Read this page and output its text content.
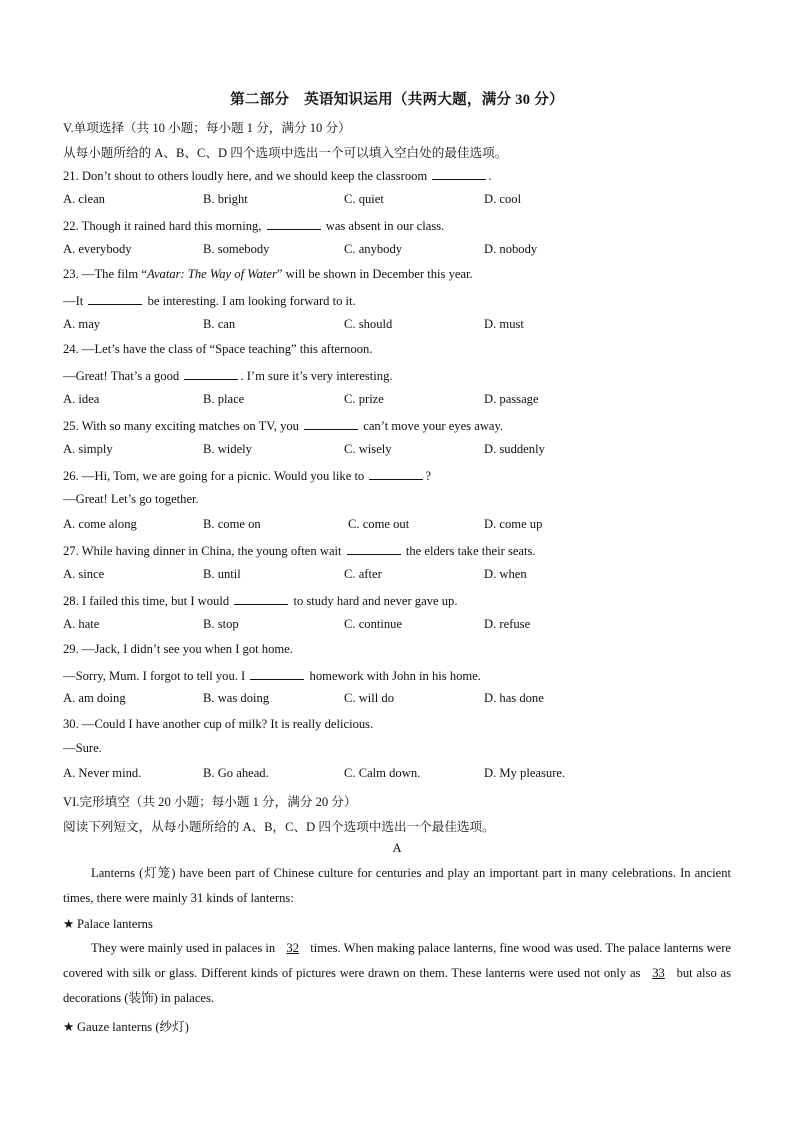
第二部分　英语知识运用（共两大题，满分 30 分）
V.单项选择（共 10 小题；每小题 1 分，满分 10 分）
从每小题所给的 A、B、C、D 四个选项中选出一个可以填入空白处的最佳选项。
21. Don’t shout to others loudly here, and we should keep the classroom	.
A. clean	B. bright	C. quiet	D. cool
22. Though it rained hard this morning,	was absent in our class.
A. everybody	B. somebody	C. anybody	D. nobody
23. —The film “Avatar: The Way of Water” will be shown in December this year.
—It	be interesting. I am looking forward to it.
A. may	B. can	C. should	D. must
24. —Let’s have the class of “Space teaching” this afternoon.
—Great! That’s a good	. I’m sure it’s very interesting.
A. idea	B. place	C. prize	D. passage
25. With so many exciting matches on TV, you	can’t move your eyes away.
A. simply	B. widely	C. wisely	D. suddenly
26. —Hi, Tom, we are going for a picnic. Would you like to	?
—Great! Let’s go together.
A. come along	B. come on	C. come out	D. come up
27. While having dinner in China, the young often wait	the elders take their seats.
A. since	B. until	C. after	D. when
28. I failed this time, but I would	to study hard and never gave up.
A. hate	B. stop	C. continue	D. refuse
29. —Jack, I didn’t see you when I got home.
—Sorry, Mum. I forgot to tell you. I	homework with John in his home.
A. am doing	B. was doing	C. will do	D. has done
30. —Could I have another cup of milk? It is really delicious.
—Sure.
A. Never mind.	B. Go ahead.	C. Calm down.	D. My pleasure.
VI.完形填空（共 20 小题；每小题 1 分，满分 20 分）
阅读下列短文，从每小题所给的 A、B，C、D 四个选项中选出一个最佳选项。
A
Lanterns (灯笼) have been part of Chinese culture for centuries and play an important part in many celebrations. In ancient times, there were mainly 31 kinds of lanterns:
★ Palace lanterns
They were mainly used in palaces in 32 times. When making palace lanterns, fine wood was used. The palace lanterns were covered with silk or glass. Different kinds of pictures were drawn on them. These lanterns were used not only as 33 but also as decorations (装饰) in palaces.
★ Gauze lanterns (纱灯)
